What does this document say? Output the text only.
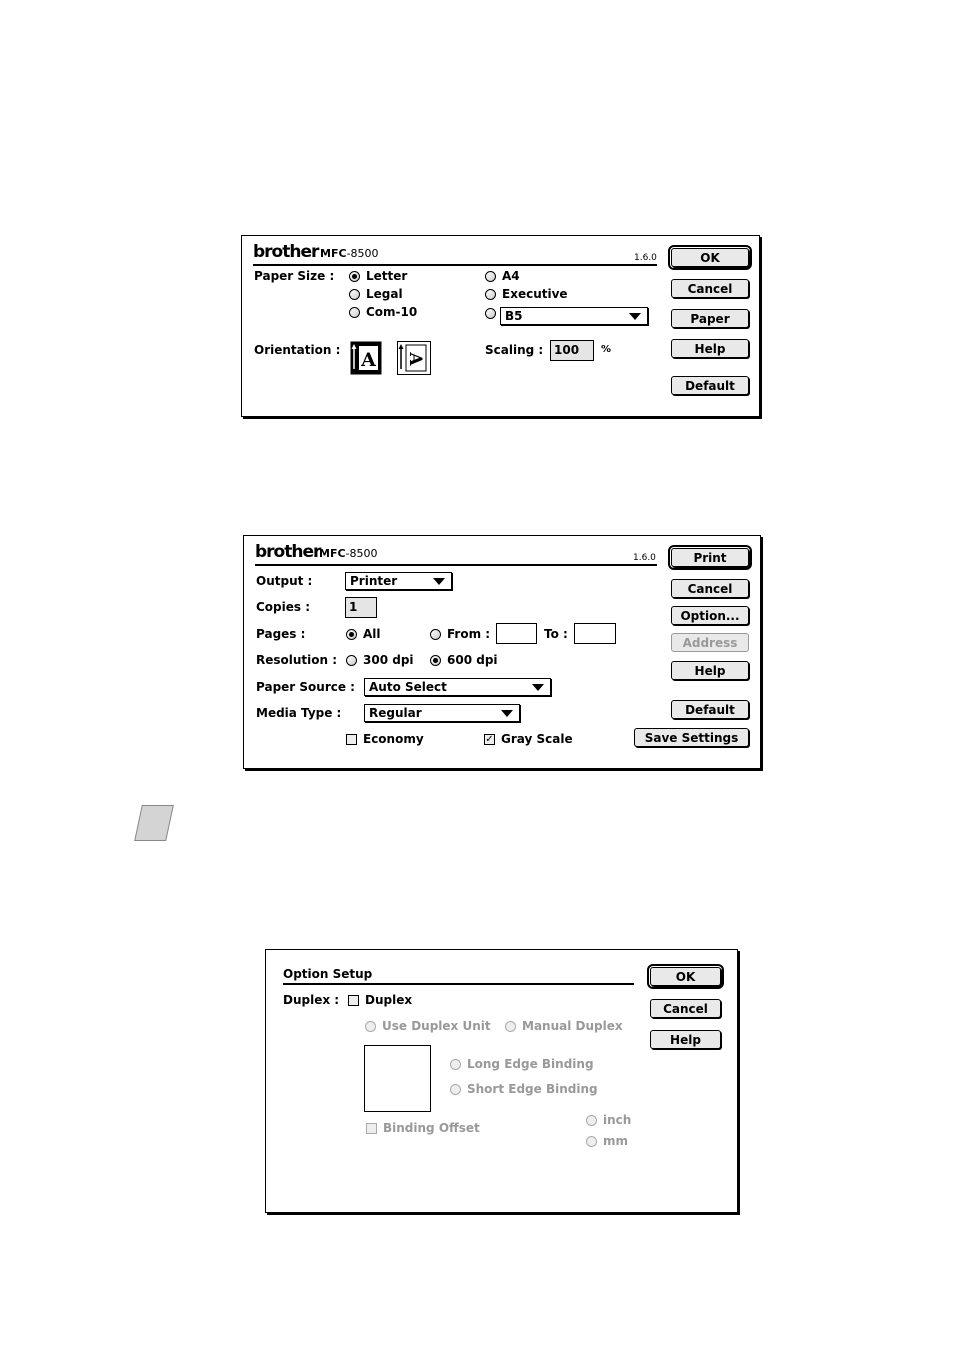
brother MFC-8500	1.6.0
Paper Size :	Letter
Legal
Com-10
A4
Executive
B5
Orientation : A A
Scaling : 100	%
OK
Cancel
Paper
Help
Default
brother
MFC-8500	1.6.0
Output :	Printer
Copies :	1
Pages :	All	From :	To :
Resolution : 300 dpi	600 dpi
Paper Source :	Auto Select
Media Type :	Regular
Economy	✓ Gray Scale
Print
Cancel
Option...
Address
Help
Default
Save Settings
Option Setup
Duplex : Duplex
Use Duplex Unit	Manual Duplex
Long Edge Binding
Short Edge Binding
Binding Offset
inch
mm
OK
Cancel
Help
